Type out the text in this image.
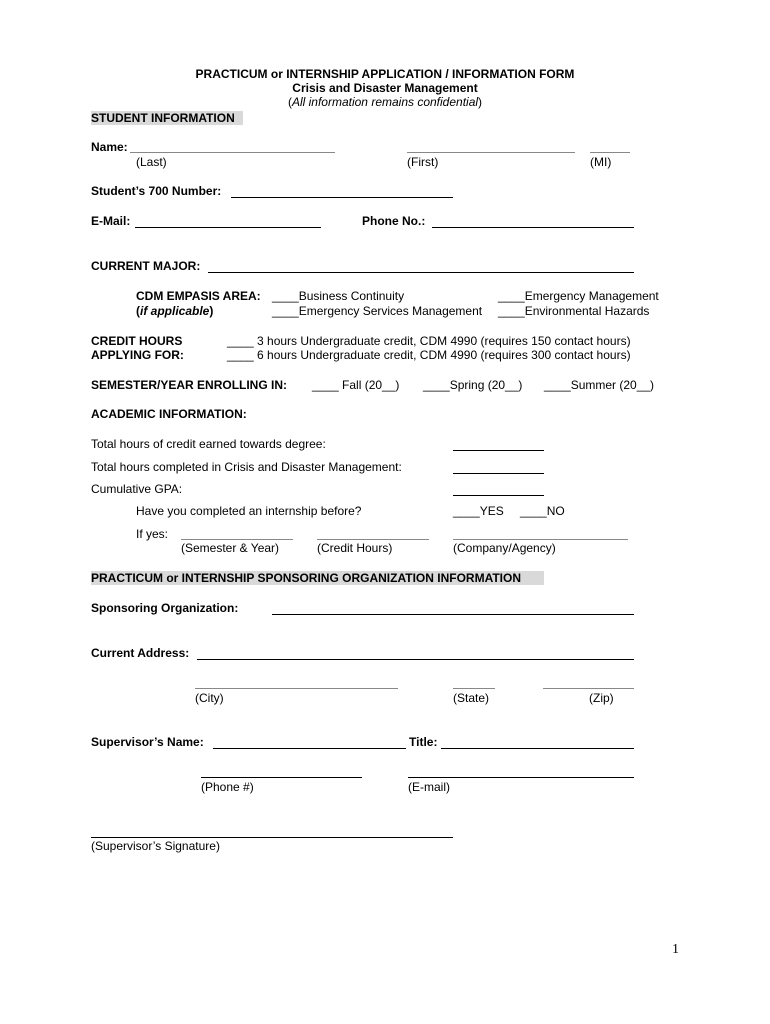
PRACTICUM or INTERNSHIP APPLICATION / INFORMATION FORM
Crisis and Disaster Management
(All information remains confidential)
STUDENT INFORMATION
Name:
(Last)	(First)	(MI)
Student’s 700 Number:
E-Mail:	Phone No.:
CURRENT MAJOR:
CDM EMPASIS AREA:
(if applicable)
____Business Continuity	____Emergency Management
____Emergency Services Management ____Environmental Hazards
CREDIT HOURS
APPLYING FOR:
____ 3 hours Undergraduate credit, CDM 4990 (requires 150 contact hours)
____ 6 hours Undergraduate credit, CDM 4990 (requires 300 contact hours)
SEMESTER/YEAR ENROLLING IN: ____ Fall (20__) ____Spring (20__) ____Summer (20__)
ACADEMIC INFORMATION:
Total hours of credit earned towards degree:
Total hours completed in Crisis and Disaster Management:
Cumulative GPA:
Have you completed an internship before?	____YES ____NO
If yes:
(Semester & Year)	(Credit Hours)	(Company/Agency)
PRACTICUM or INTERNSHIP SPONSORING ORGANIZATION INFORMATION
Sponsoring Organization:
Current Address:
(City)	(State)	(Zip)
Supervisor’s Name:	Title:
(Phone #)	(E-mail)
(Supervisor’s Signature)
1
